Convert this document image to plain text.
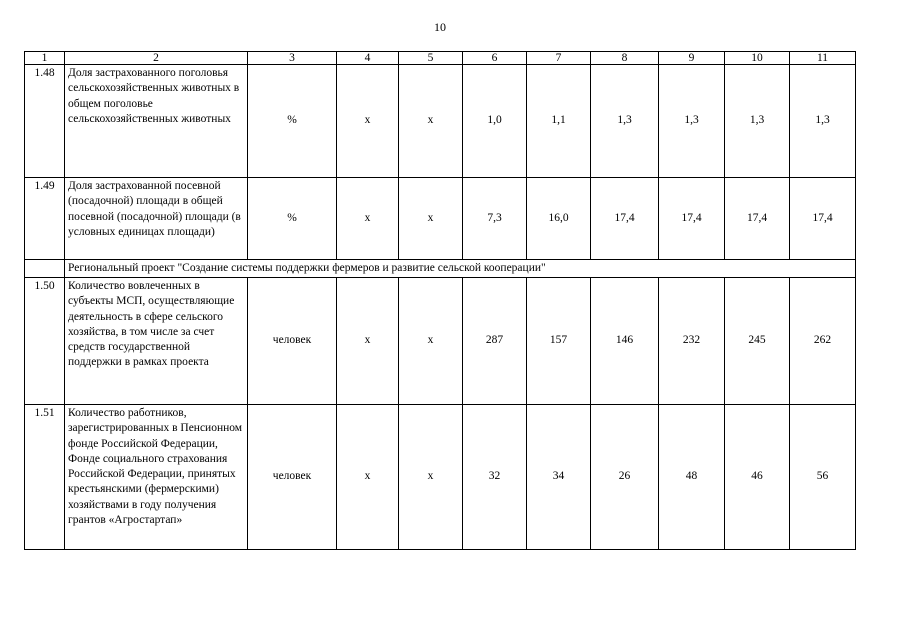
10
1	2	3	4	5	6	7	8	9	10	11
1.48	Доля застрахованного поголовья сельскохозяйственных животных в общем поголовье сельскохозяйственных животных	%	х	х	1,0	1,1	1,3	1,3	1,3	1,3
1.49	Доля застрахованной посевной (посадочной) площади в общей посевной (посадочной) площади (в условных единицах площади)	%	х	х	7,3	16,0	17,4	17,4	17,4	17,4
	Региональный проект "Создание системы поддержки фермеров и развитие сельской кооперации"									
1.50	Количество вовлеченных в субъекты МСП, осуществляющие деятельность в сфере сельского хозяйства, в том числе за счет средств государственной поддержки в рамках проекта	человек	х	х	287	157	146	232	245	262
1.51	Количество работников, зарегистрированных в Пенсионном фонде Российской Федерации, Фонде социального страхования Российской Федерации, принятых крестьянскими (фермерскими) хозяйствами в году получения грантов «Агростартап»	человек	х	х	32	34	26	48	46	56
